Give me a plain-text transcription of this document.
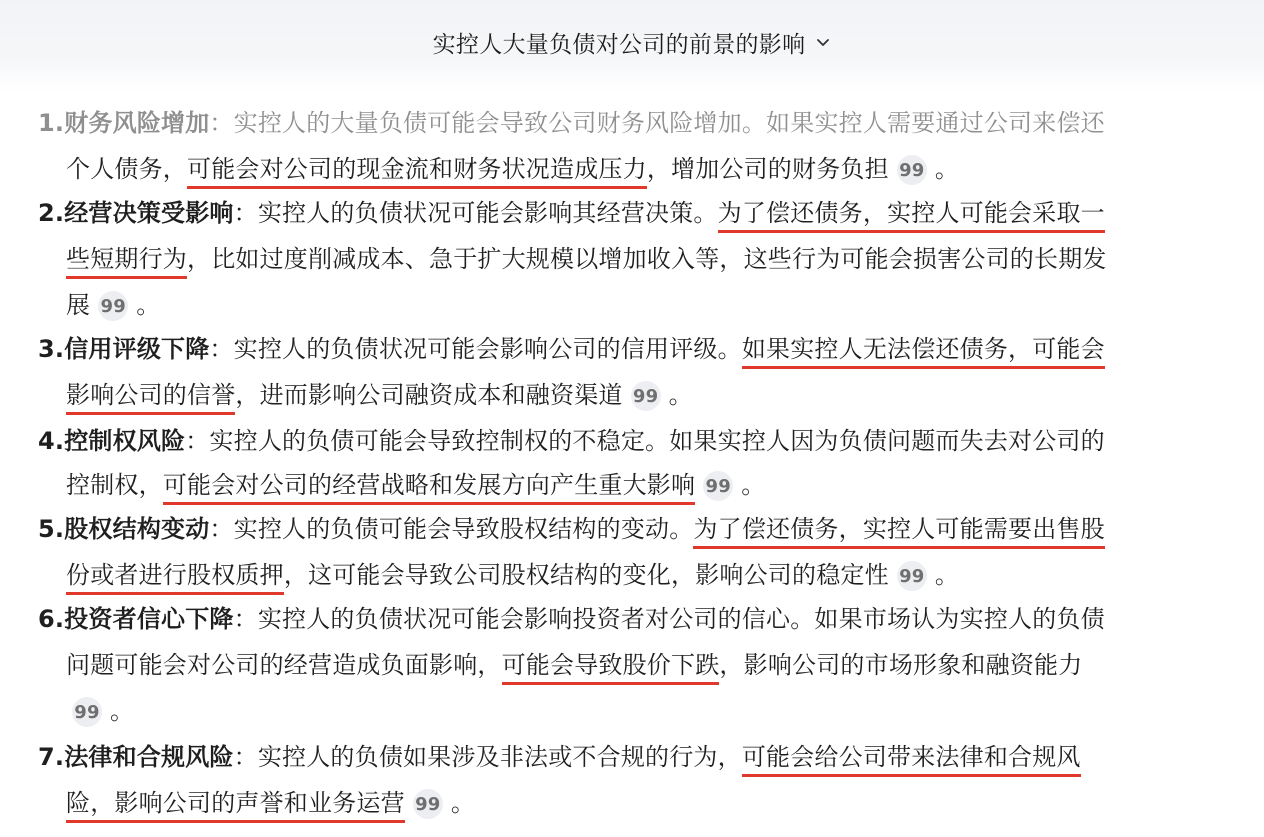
实控人大量负债对公司的前景的影响
1.财务风险增加：实控人的大量负债可能会导致公司财务风险增加。如果实控人需要通过公司来偿还
个人债务，可能会对公司的现金流和财务状况造成压力，增加公司的财务负担 99 。
2.经营决策受影响：实控人的负债状况可能会影响其经营决策。为了偿还债务，实控人可能会采取一
些短期行为，比如过度削减成本、急于扩大规模以增加收入等，这些行为可能会损害公司的长期发
展 99 。
3.信用评级下降：实控人的负债状况可能会影响公司的信用评级。如果实控人无法偿还债务，可能会
影响公司的信誉，进而影响公司融资成本和融资渠道 99 。
4.控制权风险：实控人的负债可能会导致控制权的不稳定。如果实控人因为负债问题而失去对公司的
控制权，可能会对公司的经营战略和发展方向产生重大影响 99 。
5.股权结构变动：实控人的负债可能会导致股权结构的变动。为了偿还债务，实控人可能需要出售股
份或者进行股权质押，这可能会导致公司股权结构的变化，影响公司的稳定性 99 。
6.投资者信心下降：实控人的负债状况可能会影响投资者对公司的信心。如果市场认为实控人的负债
问题可能会对公司的经营造成负面影响，可能会导致股价下跌，影响公司的市场形象和融资能力
99 。
7.法律和合规风险：实控人的负债如果涉及非法或不合规的行为，可能会给公司带来法律和合规风
险，影响公司的声誉和业务运营 99 。
